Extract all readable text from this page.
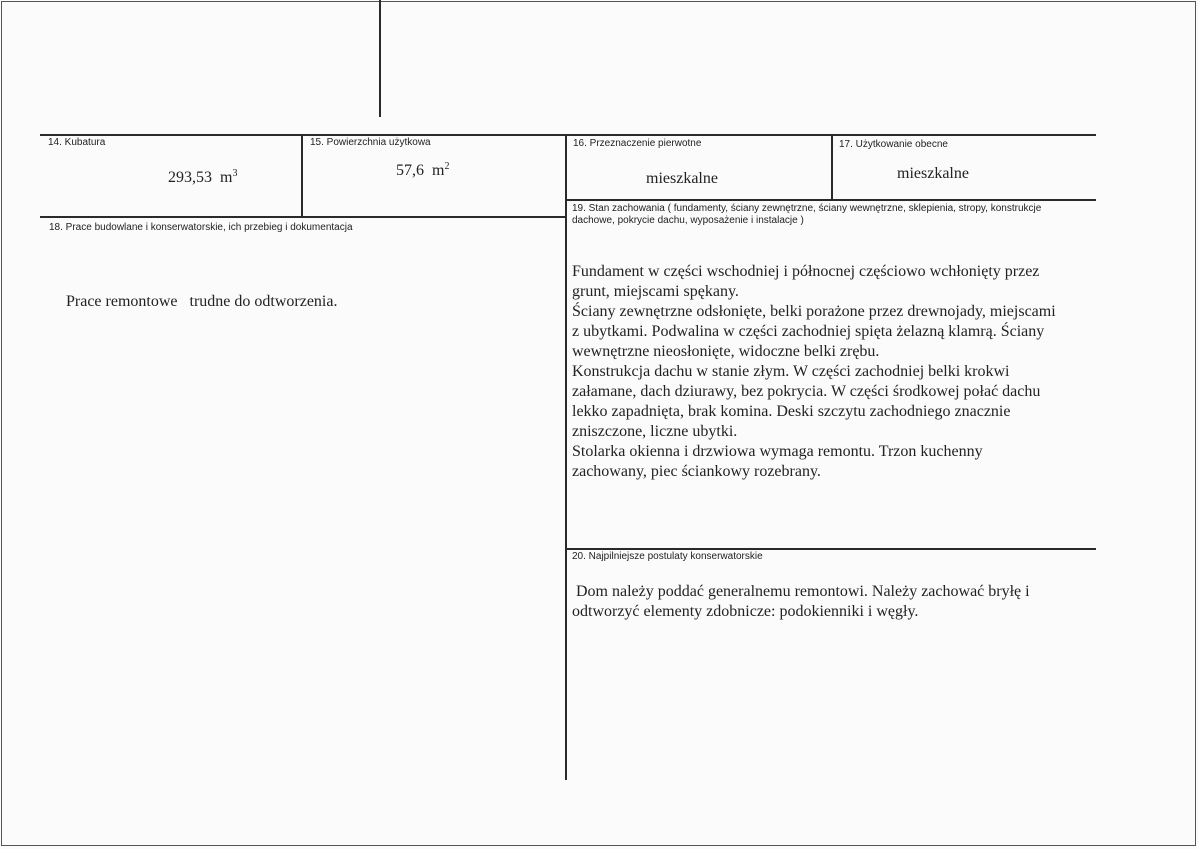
14. Kubatura
293,53 $m^3$
15. Powierzchnia użytkowa
57,6 $m^2$
16. Przeznaczenie pierwotne
mieszkalne
17. Użytkowanie obecne
mieszkalne
18. Prace budowlane i konserwatorskie, ich przebieg i dokumentacja
Prace remontowe   trudne do odtworzenia.
19. Stan zachowania ( fundamenty, ściany zewnętrzne, ściany wewnętrzne, sklepienia, stropy, konstrukcje
dachowe, pokrycie dachu, wyposażenie i instalacje )
Fundament w części wschodniej i północnej częściowo wchłonięty przez
grunt, miejscami spękany.
Ściany zewnętrzne odsłonięte, belki porażone przez drewnojady, miejscami
z ubytkami. Podwalina w części zachodniej spięta żelazną klamrą. Ściany
wewnętrzne nieosłonięte, widoczne belki zrębu.
Konstrukcja dachu w stanie złym. W części zachodniej belki krokwi
załamane, dach dziurawy, bez pokrycia. W części środkowej połać dachu
lekko zapadnięta, brak komina. Deski szczytu zachodniego znacznie
zniszczone, liczne ubytki.
Stolarka okienna i drzwiowa wymaga remontu. Trzon kuchenny
zachowany, piec ściankowy rozebrany.
20. Najpilniejsze postulaty konserwatorskie
Dom należy poddać generalnemu remontowi. Należy zachować bryłę i
odtworzyć elementy zdobnicze: podokienniki i węgły.
